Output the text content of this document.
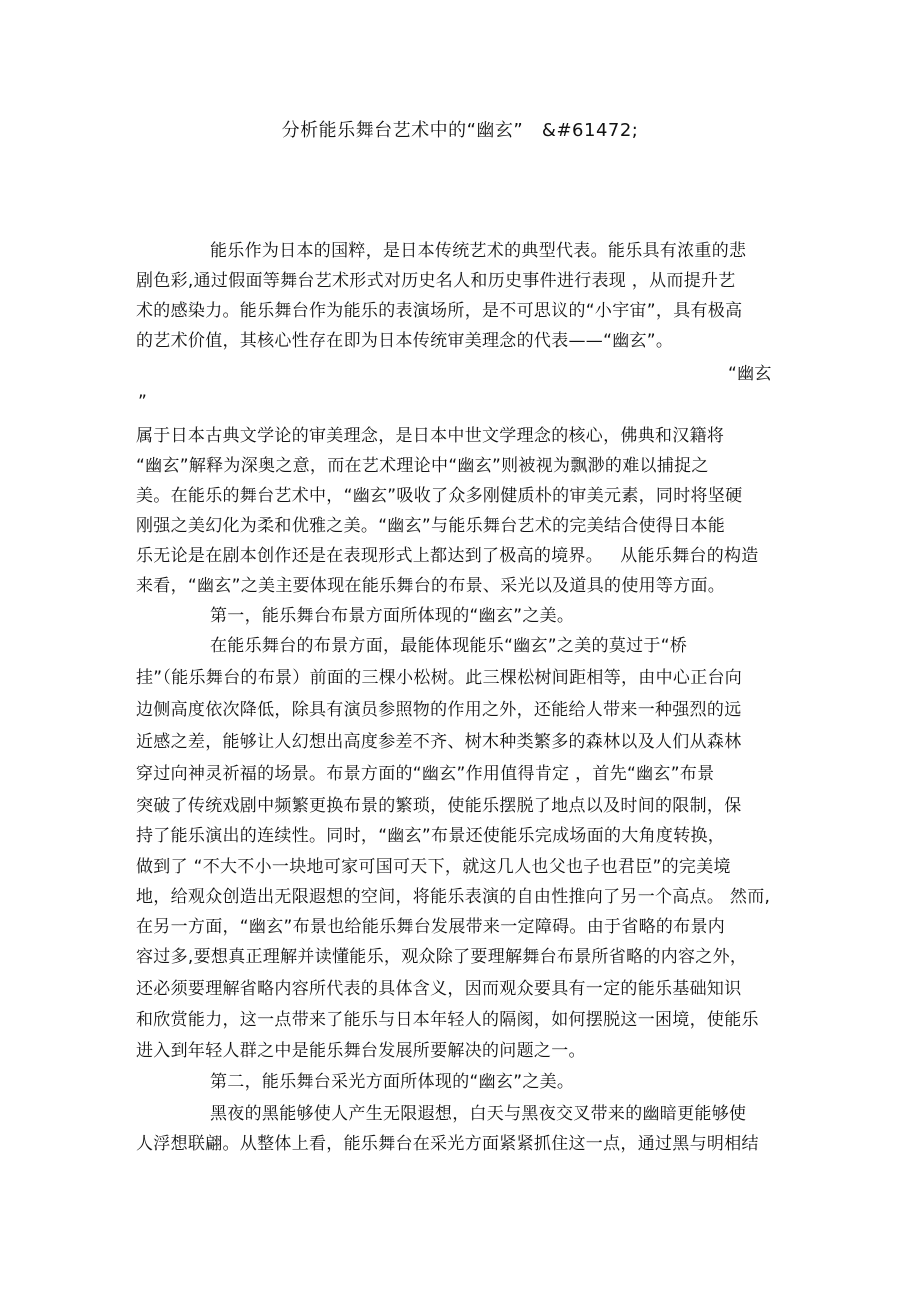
分析能乐舞台艺术中的“幽玄”   &#61472;
能乐作为日本的国粹，是日本传统艺术的典型代表。能乐具有浓重的悲
剧色彩,通过假面等舞台艺术形式对历史名人和历史事件进行表现 ，从而提升艺
术的感染力。能乐舞台作为能乐的表演场所，是不可思议的“小宇宙”，具有极高
的艺术价值，其核心性存在即为日本传统审美理念的代表——“幽玄”。
“幽玄
”
属于日本古典文学论的审美理念，是日本中世文学理念的核心，佛典和汉籍将
“幽玄”解释为深奥之意，而在艺术理论中“幽玄”则被视为飘渺的难以捕捉之
美。在能乐的舞台艺术中，“幽玄”吸收了众多刚健质朴的审美元素，同时将坚硬
刚强之美幻化为柔和优雅之美。“幽玄”与能乐舞台艺术的完美结合使得日本能
乐无论是在剧本创作还是在表现形式上都达到了极高的境界。   从能乐舞台的构造
来看，“幽玄”之美主要体现在能乐舞台的布景、采光以及道具的使用等方面。
第一，能乐舞台布景方面所体现的“幽玄”之美。
在能乐舞台的布景方面，最能体现能乐“幽玄”之美的莫过于“桥
挂”（能乐舞台的布景）前面的三棵小松树。此三棵松树间距相等，由中心正台向
边侧高度依次降低，除具有演员参照物的作用之外，还能给人带来一种强烈的远
近感之差，能够让人幻想出高度参差不齐、树木种类繁多的森林以及人们从森林
穿过向神灵祈福的场景。布景方面的“幽玄”作用值得肯定 ，首先“幽玄”布景
突破了传统戏剧中频繁更换布景的繁琐，使能乐摆脱了地点以及时间的限制，保
持了能乐演出的连续性。同时，“幽玄”布景还使能乐完成场面的大角度转换，
做到了 “不大不小一块地可家可国可天下，就这几人也父也子也君臣”的完美境
地，给观众创造出无限遐想的空间，将能乐表演的自由性推向了另一个高点。 然而,
在另一方面，“幽玄”布景也给能乐舞台发展带来一定障碍。由于省略的布景内
容过多,要想真正理解并读懂能乐，观众除了要理解舞台布景所省略的内容之外，
还必须要理解省略内容所代表的具体含义，因而观众要具有一定的能乐基础知识
和欣赏能力，这一点带来了能乐与日本年轻人的隔阂，如何摆脱这一困境，使能乐
进入到年轻人群之中是能乐舞台发展所要解决的问题之一。
第二，能乐舞台采光方面所体现的“幽玄”之美。
黑夜的黑能够使人产生无限遐想，白天与黑夜交叉带来的幽暗更能够使
人浮想联翩。从整体上看，能乐舞台在采光方面紧紧抓住这一点，通过黑与明相结
